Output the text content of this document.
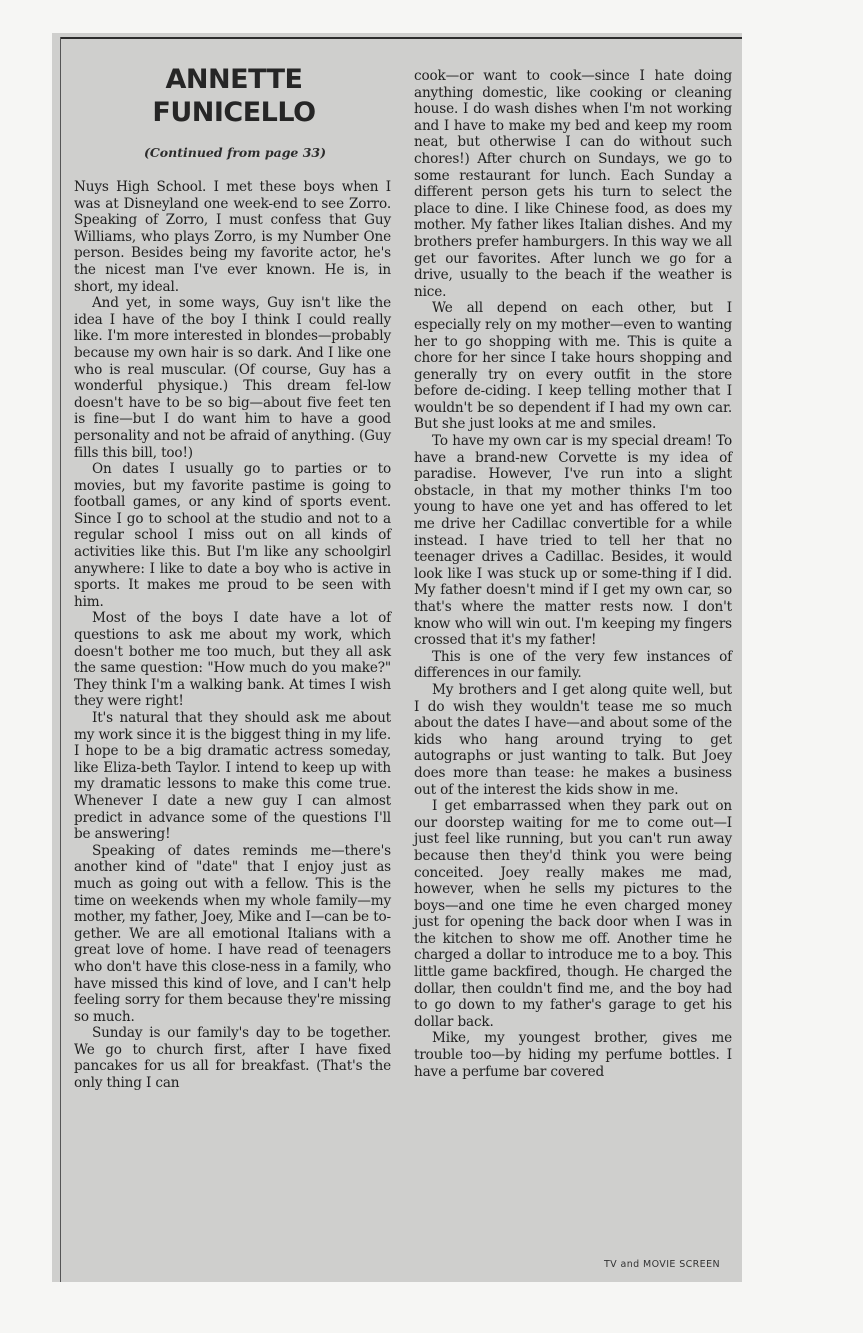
ANNETTE
FUNICELLO
(Continued from page 33)

Nuys High School. I met these boys when I was at Disneyland one week-end to see Zorro. Speaking of Zorro, I must confess that Guy Williams, who plays Zorro, is my Number One person. Besides being my favorite actor, he's the nicest man I've ever known. He is, in short, my ideal.

And yet, in some ways, Guy isn't like the idea I have of the boy I think I could really like. I'm more interested in blondes—probably because my own hair is so dark. And I like one who is real muscular. (Of course, Guy has a wonderful physique.) This dream fel-low doesn't have to be so big—about five feet ten is fine—but I do want him to have a good personality and not be afraid of anything. (Guy fills this bill, too!)

On dates I usually go to parties or to movies, but my favorite pastime is going to football games, or any kind of sports event. Since I go to school at the studio and not to a regular school I miss out on all kinds of activities like this. But I'm like any schoolgirl anywhere: I like to date a boy who is active in sports. It makes me proud to be seen with him.

Most of the boys I date have a lot of questions to ask me about my work, which doesn't bother me too much, but they all ask the same question: "How much do you make?" They think I'm a walking bank. At times I wish they were right!

It's natural that they should ask me about my work since it is the biggest thing in my life. I hope to be a big dramatic actress someday, like Eliza-beth Taylor. I intend to keep up with my dramatic lessons to make this come true. Whenever I date a new guy I can almost predict in advance some of the questions I'll be answering!

Speaking of dates reminds me—there's another kind of "date" that I enjoy just as much as going out with a fellow. This is the time on weekends when my whole family—my mother, my father, Joey, Mike and I—can be to-gether. We are all emotional Italians with a great love of home. I have read of teenagers who don't have this close-ness in a family, who have missed this kind of love, and I can't help feeling sorry for them because they're missing so much.

Sunday is our family's day to be together. We go to church first, after I have fixed pancakes for us all for breakfast. (That's the only thing I can

cook—or want to cook—since I hate doing anything domestic, like cooking or cleaning house. I do wash dishes when I'm not working and I have to make my bed and keep my room neat, but otherwise I can do without such chores!) After church on Sundays, we go to some restaurant for lunch. Each Sunday a different person gets his turn to select the place to dine. I like Chinese food, as does my mother. My father likes Italian dishes. And my brothers prefer hamburgers. In this way we all get our favorites. After lunch we go for a drive, usually to the beach if the weather is nice.

We all depend on each other, but I especially rely on my mother—even to wanting her to go shopping with me. This is quite a chore for her since I take hours shopping and generally try on every outfit in the store before de-ciding. I keep telling mother that I wouldn't be so dependent if I had my own car. But she just looks at me and smiles.

To have my own car is my special dream! To have a brand-new Corvette is my idea of paradise. However, I've run into a slight obstacle, in that my mother thinks I'm too young to have one yet and has offered to let me drive her Cadillac convertible for a while instead. I have tried to tell her that no teenager drives a Cadillac. Besides, it would look like I was stuck up or some-thing if I did. My father doesn't mind if I get my own car, so that's where the matter rests now. I don't know who will win out. I'm keeping my fingers crossed that it's my father!

This is one of the very few instances of differences in our family.

My brothers and I get along quite well, but I do wish they wouldn't tease me so much about the dates I have—and about some of the kids who hang around trying to get autographs or just wanting to talk. But Joey does more than tease: he makes a business out of the interest the kids show in me.

I get embarrassed when they park out on our doorstep waiting for me to come out—I just feel like running, but you can't run away because then they'd think you were being conceited. Joey really makes me mad, however, when he sells my pictures to the boys—and one time he even charged money just for opening the back door when I was in the kitchen to show me off. Another time he charged a dollar to introduce me to a boy. This little game backfired, though. He charged the dollar, then couldn't find me, and the boy had to go down to my father's garage to get his dollar back.

Mike, my youngest brother, gives me trouble too—by hiding my perfume bottles. I have a perfume bar covered

TV and MOVIE SCREEN
